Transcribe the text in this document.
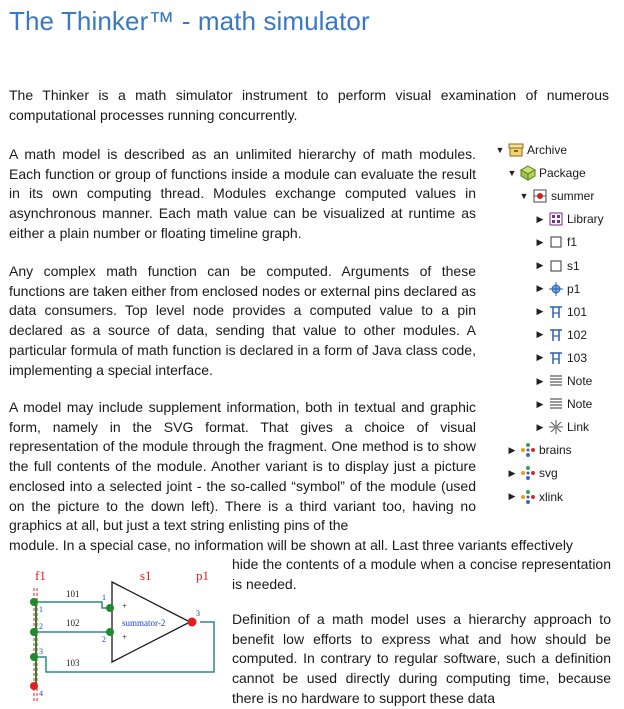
The Thinker™ - math simulator

The Thinker is a math simulator instrument to perform visual examination of numerous computational processes running concurrently.

A math model is described as an unlimited hierarchy of math modules. Each function or group of functions inside a module can evaluate the result in its own computing thread. Modules exchange computed values in asynchronous manner. Each math value can be visualized at runtime as either a plain number or floating timeline graph.

Any complex math function can be computed. Arguments of these functions are taken either from enclosed nodes or external pins declared as data consumers. Top level node provides a computed value to a pin declared as a source of data, sending that value to other modules. A particular formula of math function is declared in a form of Java class code, implementing a special interface.

A model may include supplement information, both in textual and graphic form, namely in the SVG format. That gives a choice of visual representation of the module through the fragment. One method is to show the full contents of the module. Another variant is to display just a picture enclosed into a selected joint - the so-called “symbol” of the module (used on the picture to the down left). There is a third variant too, having no graphics at all, but just a text string enlisting pins of the

module. In a special case, no information will be shown at all. Last three variants effectively

hide the contents of a module when a concise representation is needed.

Definition of a math model uses a hierarchy approach to benefit low efforts to express what and how should be computed. In contrary to regular software, such a definition cannot be used directly during computing time, because there is no hardware to support these data

▼ Archive
▼ Package
▼ summer
▶ Library
▶ f1
▶ s1
▶ p1
▶ 101
▶ 102
▶ 103
▶ Note
▶ Note
▶ Link
▶ brains
▶ svg
▶ xlink
f1	s1	p1
101
102
103
1
2
3
4
summator-2
+
+
1
2
3
